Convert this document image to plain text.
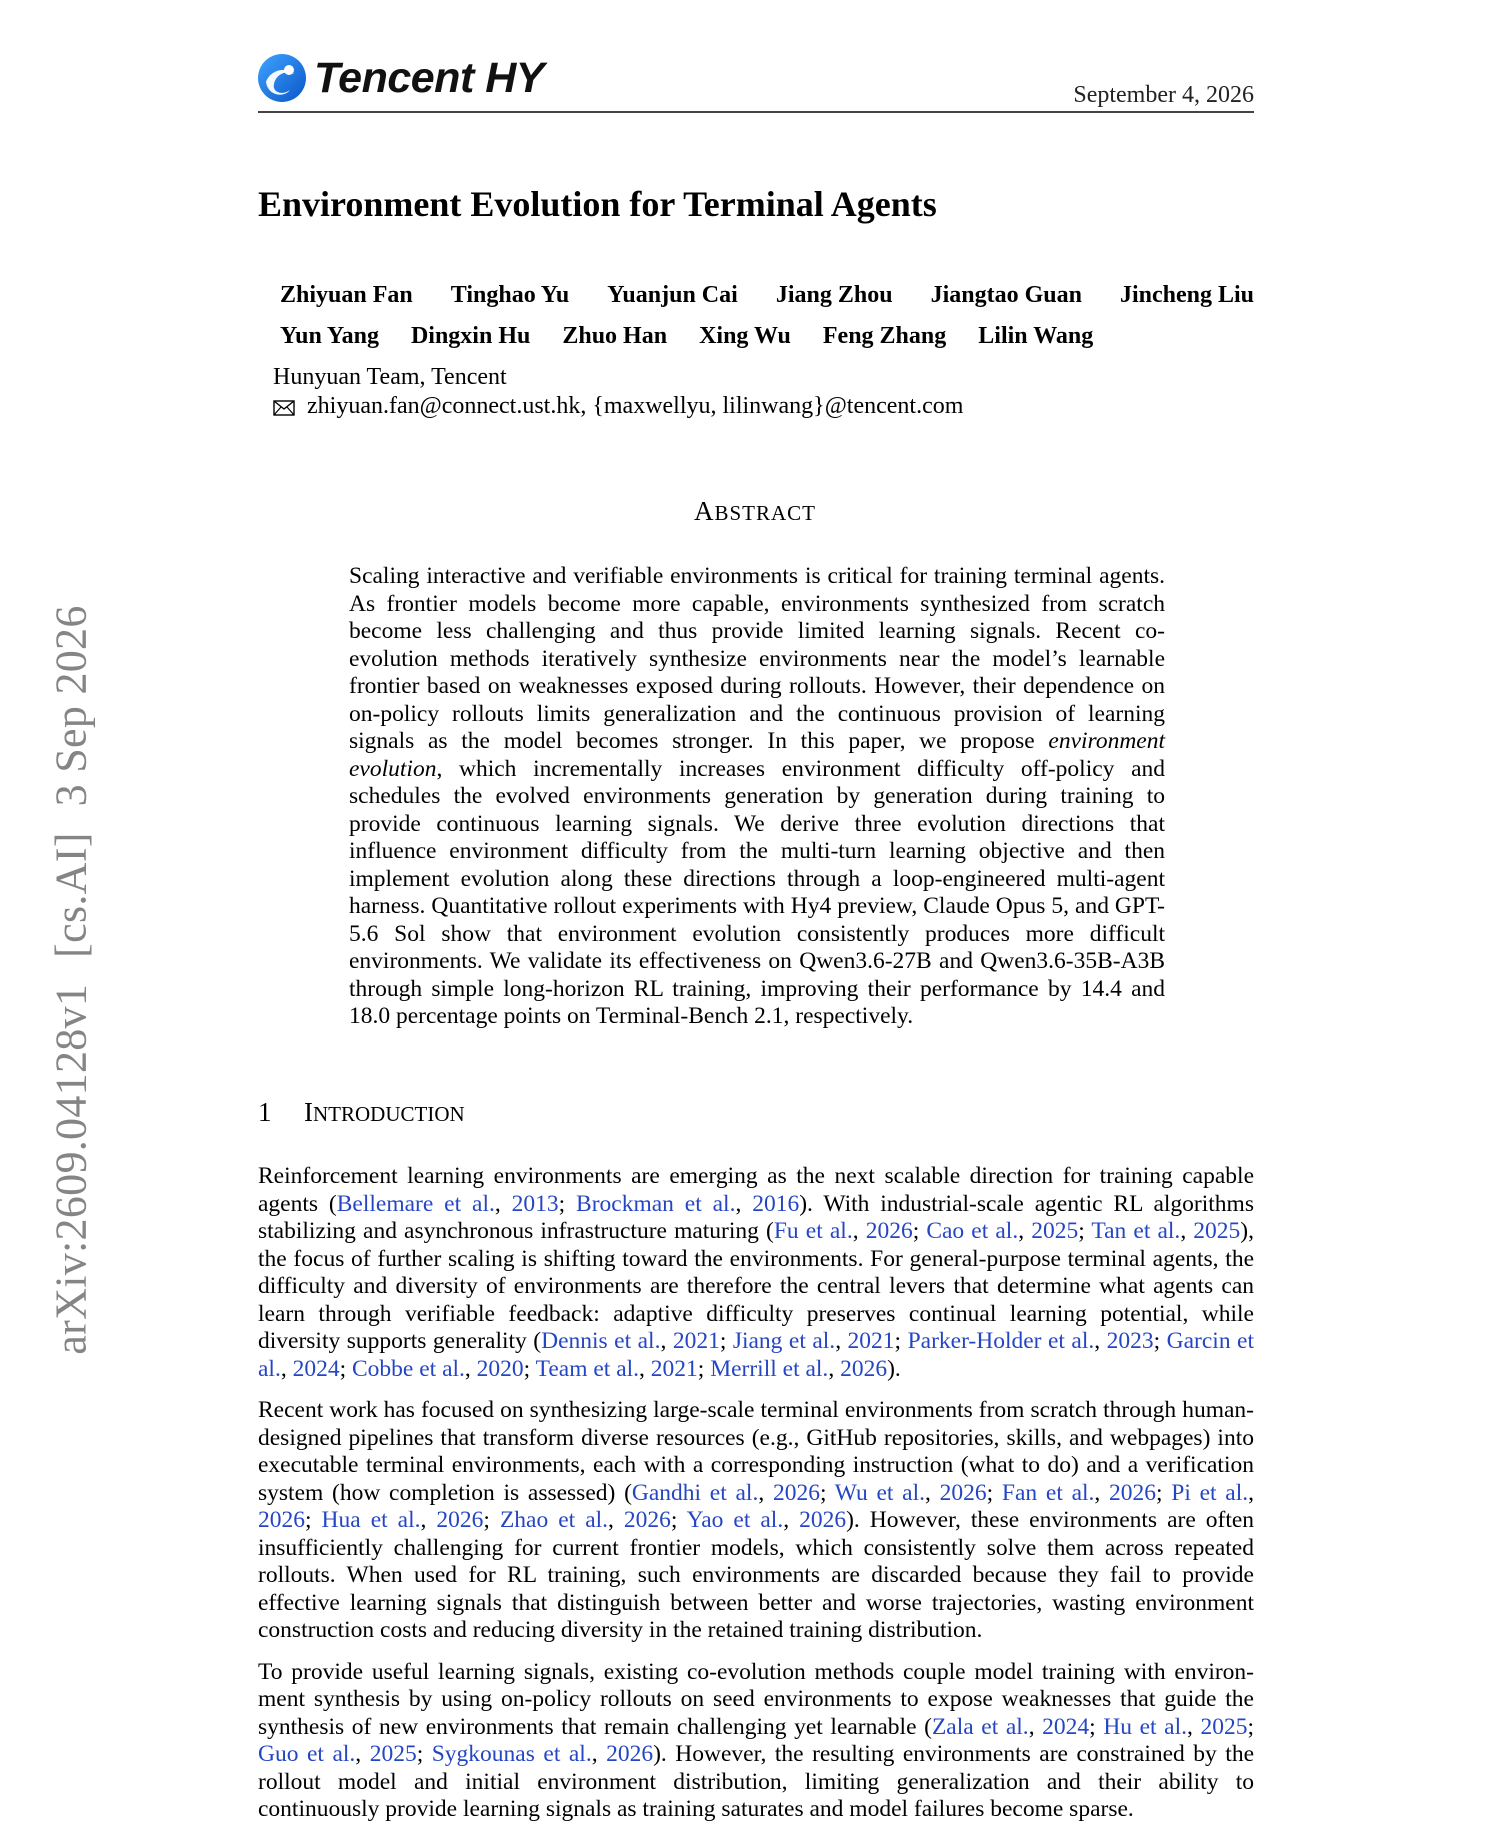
Tencent HY	September 4, 2026
arXiv:2609.04128v1[cs.AI]3 Sep 2026
Environment Evolution for Terminal Agents
Zhiyuan Fan Tinghao Yu Yuanjun Cai Jiang Zhou Jiangtao Guan Jincheng Liu
Yun Yang Dingxin Hu Zhuo Han Xing Wu Feng Zhang Lilin Wang
Hunyuan Team, Tencent
zhiyuan.fan@connect.ust.hk, {maxwellyu, lilinwang}@tencent.com
ABSTRACT

Scaling interactive and verifiable environments is critical for training terminal agents. As frontier models become more capable, environments synthesized from scratch become less challenging and thus provide limited learning signals. Recent co-evolution methods iteratively synthesize environments near the model’s learnable frontier based on weaknesses exposed during rollouts. However, their dependence on on-policy rollouts limits generalization and the continuous provision of learning signals as the model becomes stronger. In this paper, we propose environment evolution, which incrementally increases environment difficulty off-policy and schedules the evolved environments generation by generation during training to provide continuous learning signals. We derive three evolution directions that influence environment difficulty from the multi-turn learning objective and then implement evolution along these directions through a loop-engineered multi-agent harness. Quantitative rollout experiments with Hy4 preview, Claude Opus 5, and GPT-5.6 Sol show that environment evolution consistently produces more difficult environments. We validate its effectiveness on Qwen3.6-27B and Qwen3.6-35B-A3B through simple long-horizon RL training, improving their performance by 14.4 and 18.0 percentage points on Terminal-Bench 2.1, respectively.

1	INTRODUCTION

Reinforcement learning environments are emerging as the next scalable direction for training capable agents (Bellemare et al., 2013; Brockman et al., 2016). With industrial-scale agentic RL algorithms stabilizing and asynchronous infrastructure maturing (Fu et al., 2026; Cao et al., 2025; Tan et al., 2025), the focus of further scaling is shifting toward the environments. For general-purpose terminal agents, the difficulty and diversity of environments are therefore the central levers that determine what agents can learn through verifiable feedback: adaptive difficulty preserves continual learning potential, while diversity supports generality (Dennis et al., 2021; Jiang et al., 2021; Parker-Holder et al., 2023; Garcin et al., 2024; Cobbe et al., 2020; Team et al., 2021; Merrill et al., 2026).

Recent work has focused on synthesizing large-scale terminal environments from scratch through human-designed pipelines that transform diverse resources (e.g., GitHub repositories, skills, and webpages) into executable terminal environments, each with a corresponding instruction (what to do) and a verification system (how completion is assessed) (Gandhi et al., 2026; Wu et al., 2026; Fan et al., 2026; Pi et al., 2026; Hua et al., 2026; Zhao et al., 2026; Yao et al., 2026). However, these environments are often insufficiently challenging for current frontier models, which consistently solve them across repeated rollouts. When used for RL training, such environments are discarded because they fail to provide effective learning signals that distinguish between better and worse trajectories, wasting environment construction costs and reducing diversity in the retained training distribution.

To provide useful learning signals, existing co-evolution methods couple model training with environment synthesis by using on-policy rollouts on seed environments to expose weaknesses that guide the synthesis of new environments that remain challenging yet learnable (Zala et al., 2024; Hu et al., 2025; Guo et al., 2025; Sygkounas et al., 2026). However, the resulting environments are constrained by the rollout model and initial environment distribution, limiting generalization and their ability to continuously provide learning signals as training saturates and model failures become sparse.
